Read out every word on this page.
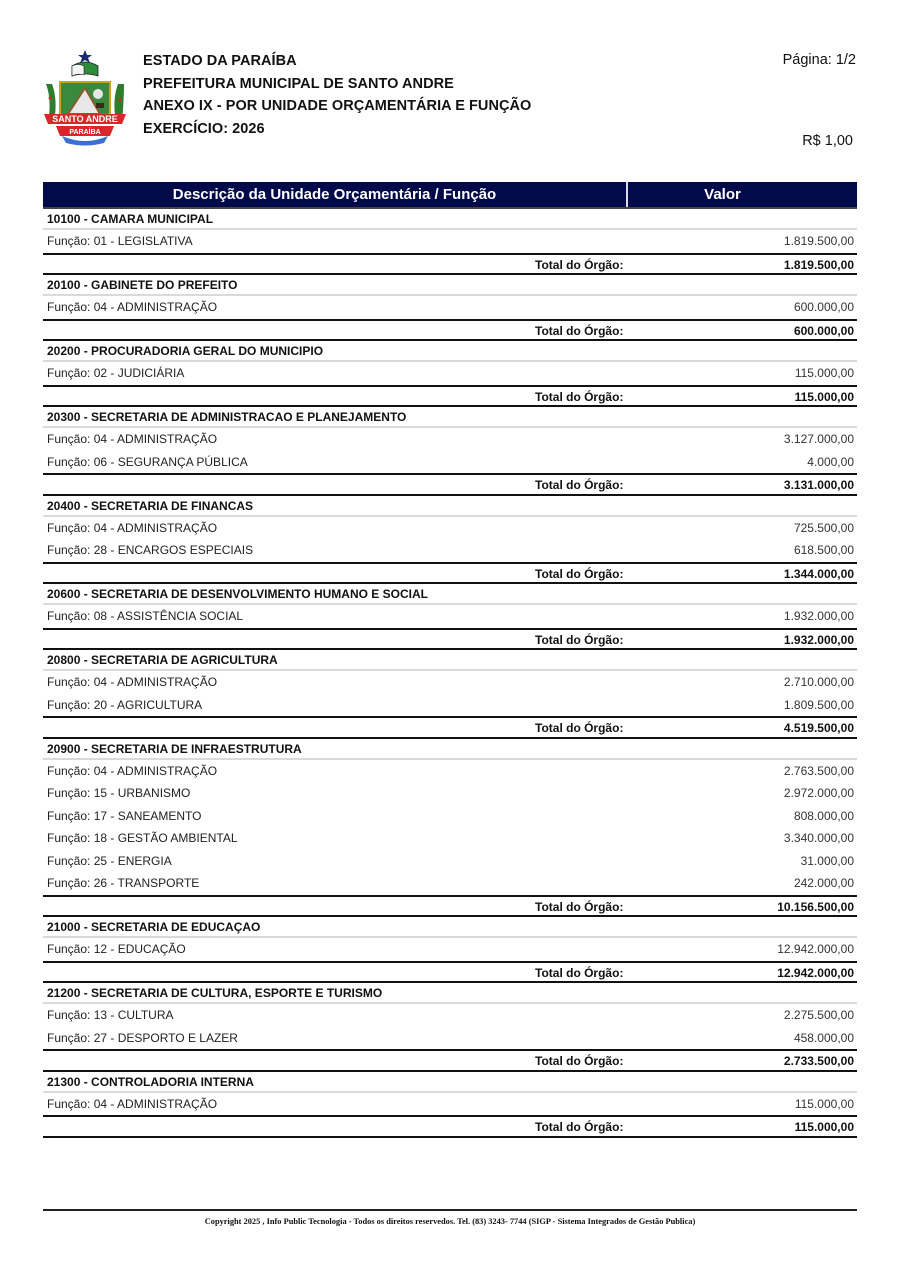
SANTO ANDRE
PARAÍBA
ESTADO DA PARAÍBA
PREFEITURA MUNICIPAL DE SANTO ANDRE
ANEXO IX - POR UNIDADE ORÇAMENTÁRIA E FUNÇÃO
EXERCÍCIO: 2026
Página: 1/2
R$ 1,00
Descrição da Unidade Orçamentária / Função	Valor
10100 - CAMARA MUNICIPAL
Função: 01 - LEGISLATIVA	1.819.500,00
Total do Órgão:	1.819.500,00
20100 - GABINETE DO PREFEITO
Função: 04 - ADMINISTRAÇÃO	600.000,00
Total do Órgão:	600.000,00
20200 - PROCURADORIA GERAL DO MUNICIPIO
Função: 02 - JUDICIÁRIA	115.000,00
Total do Órgão:	115.000,00
20300 - SECRETARIA DE ADMINISTRACAO E PLANEJAMENTO
Função: 04 - ADMINISTRAÇÃO	3.127.000,00
Função: 06 - SEGURANÇA PÚBLICA	4.000,00
Total do Órgão:	3.131.000,00
20400 - SECRETARIA DE FINANCAS
Função: 04 - ADMINISTRAÇÃO	725.500,00
Função: 28 - ENCARGOS ESPECIAIS	618.500,00
Total do Órgão:	1.344.000,00
20600 - SECRETARIA DE DESENVOLVIMENTO HUMANO E SOCIAL
Função: 08 - ASSISTÊNCIA SOCIAL	1.932.000,00
Total do Órgão:	1.932.000,00
20800 - SECRETARIA DE AGRICULTURA
Função: 04 - ADMINISTRAÇÃO	2.710.000,00
Função: 20 - AGRICULTURA	1.809.500,00
Total do Órgão:	4.519.500,00
20900 - SECRETARIA DE INFRAESTRUTURA
Função: 04 - ADMINISTRAÇÃO	2.763.500,00
Função: 15 - URBANISMO	2.972.000,00
Função: 17 - SANEAMENTO	808.000,00
Função: 18 - GESTÃO AMBIENTAL	3.340.000,00
Função: 25 - ENERGIA	31.000,00
Função: 26 - TRANSPORTE	242.000,00
Total do Órgão:	10.156.500,00
21000 - SECRETARIA DE EDUCAÇAO
Função: 12 - EDUCAÇÃO	12.942.000,00
Total do Órgão:	12.942.000,00
21200 - SECRETARIA DE CULTURA, ESPORTE E TURISMO
Função: 13 - CULTURA	2.275.500,00
Função: 27 - DESPORTO E LAZER	458.000,00
Total do Órgão:	2.733.500,00
21300 - CONTROLADORIA INTERNA
Função: 04 - ADMINISTRAÇÃO	115.000,00
Total do Órgão:	115.000,00
Copyright 2025 , Info Public Tecnologia - Todos os direitos reservedos. Tel. (83) 3243- 7744 (SIGP - Sistema Integrados de Gestão Publica)
